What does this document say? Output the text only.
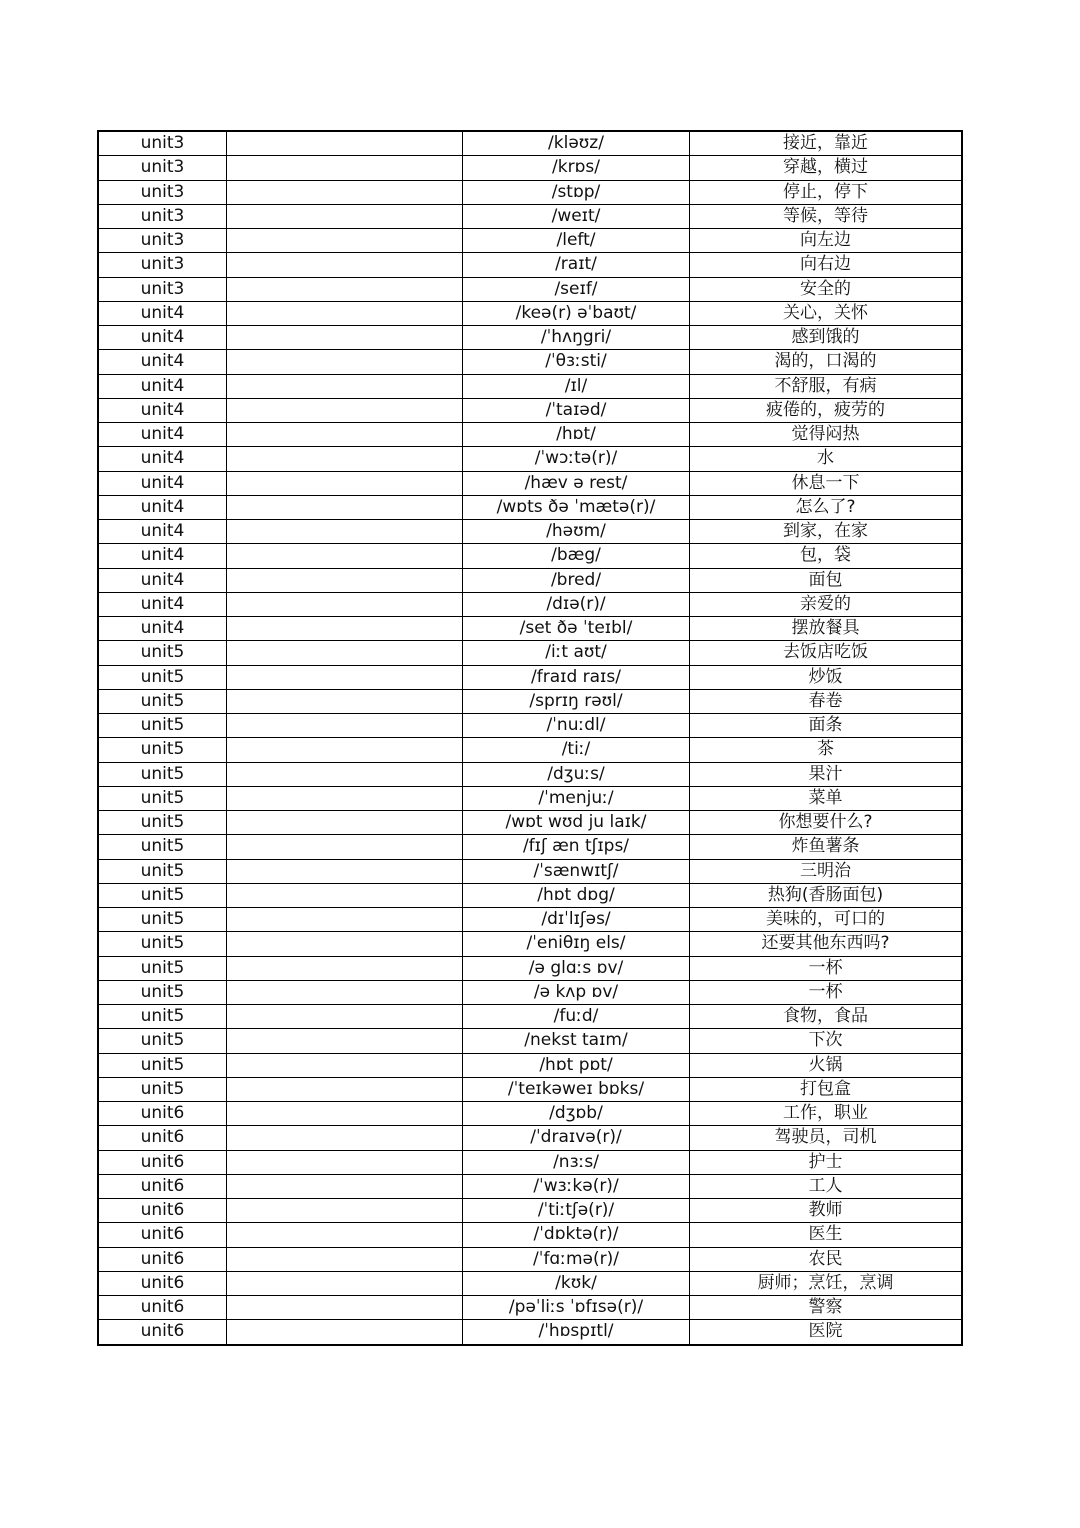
unit3		/kləʊz/	接近，靠近
unit3		/krɒs/	穿越，横过
unit3		/stɒp/	停止，停下
unit3		/weɪt/	等候，等待
unit3		/left/	向左边
unit3		/raɪt/	向右边
unit3		/seɪf/	安全的
unit4		/keə(r) əˈbaʊt/	关心，关怀
unit4		/ˈhʌŋgri/	感到饿的
unit4		/ˈθɜːsti/	渴的，口渴的
unit4		/ɪl/	不舒服，有病
unit4		/ˈtaɪəd/	疲倦的，疲劳的
unit4		/hɒt/	觉得闷热
unit4		/ˈwɔːtə(r)/	水
unit4		/hæv ə rest/	休息一下
unit4		/wɒts ðə ˈmætə(r)/	怎么了?
unit4		/həʊm/	到家，在家
unit4		/bæg/	包，袋
unit4		/bred/	面包
unit4		/dɪə(r)/	亲爱的
unit4		/set ðə ˈteɪbl/	摆放餐具
unit5		/iːt aʊt/	去饭店吃饭
unit5		/fraɪd raɪs/	炒饭
unit5		/sprɪŋ rəʊl/	春卷
unit5		/ˈnuːdl/	面条
unit5		/tiː/	茶
unit5		/dʒuːs/	果汁
unit5		/ˈmenjuː/	菜单
unit5		/wɒt wʊd ju laɪk/	你想要什么?
unit5		/fɪʃ æn tʃɪps/	炸鱼薯条
unit5		/ˈsænwɪtʃ/	三明治
unit5		/hɒt dɒg/	热狗(香肠面包)
unit5		/dɪˈlɪʃəs/	美味的，可口的
unit5		/ˈeniθɪŋ els/	还要其他东西吗?
unit5		/ə glɑːs ɒv/	一杯
unit5		/ə kʌp ɒv/	一杯
unit5		/fuːd/	食物，食品
unit5		/nekst taɪm/	下次
unit5		/hɒt pɒt/	火锅
unit5		/ˈteɪkəweɪ bɒks/	打包盒
unit6		/dʒɒb/	工作，职业
unit6		/ˈdraɪvə(r)/	驾驶员，司机
unit6		/nɜːs/	护士
unit6		/ˈwɜːkə(r)/	工人
unit6		/ˈtiːtʃə(r)/	教师
unit6		/ˈdɒktə(r)/	医生
unit6		/ˈfɑːmə(r)/	农民
unit6		/kʊk/	厨师；烹饪，烹调
unit6		/pəˈliːs ˈɒfɪsə(r)/	警察
unit6		/ˈhɒspɪtl/	医院
